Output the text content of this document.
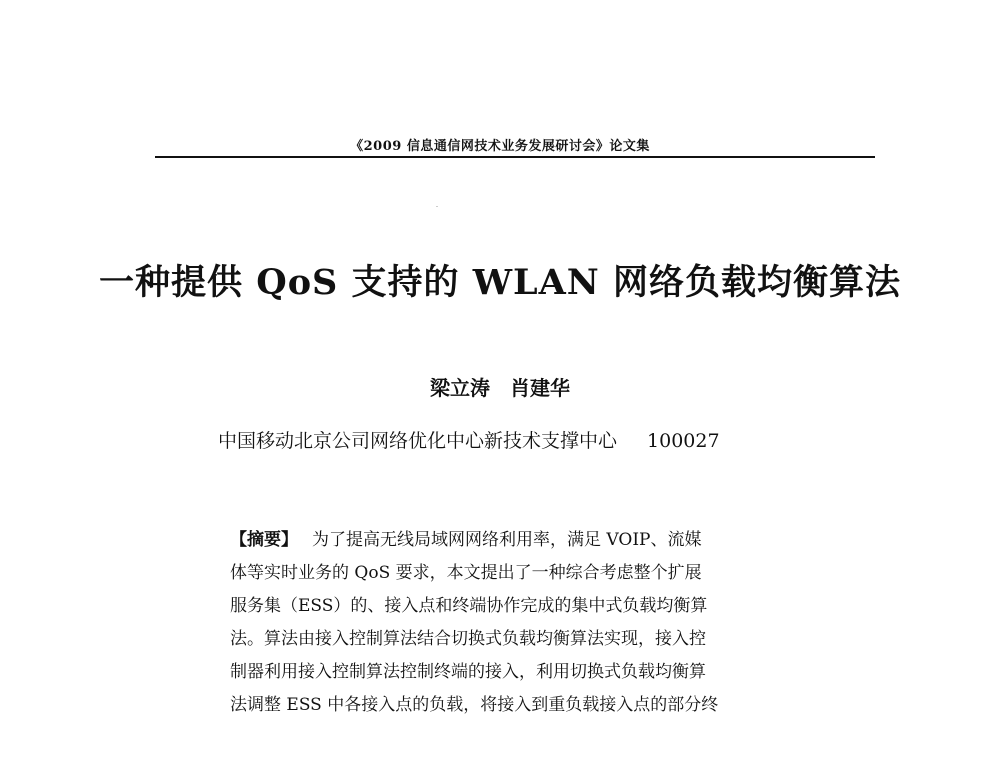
《2009 信息通信网技术业务发展研讨会》论文集
一种提供 QoS 支持的 WLAN 网络负载均衡算法
梁立涛　肖建华
中国移动北京公司网络优化中心新技术支撑中心 100027
【摘要】 为了提高无线局域网网络利用率，满足 VOIP、流媒
体等实时业务的 QoS 要求，本文提出了一种综合考虑整个扩展
服务集（ESS）的、接入点和终端协作完成的集中式负载均衡算
法。算法由接入控制算法结合切换式负载均衡算法实现，接入控
制器利用接入控制算法控制终端的接入，利用切换式负载均衡算
法调整 ESS 中各接入点的负载，将接入到重负载接入点的部分终
